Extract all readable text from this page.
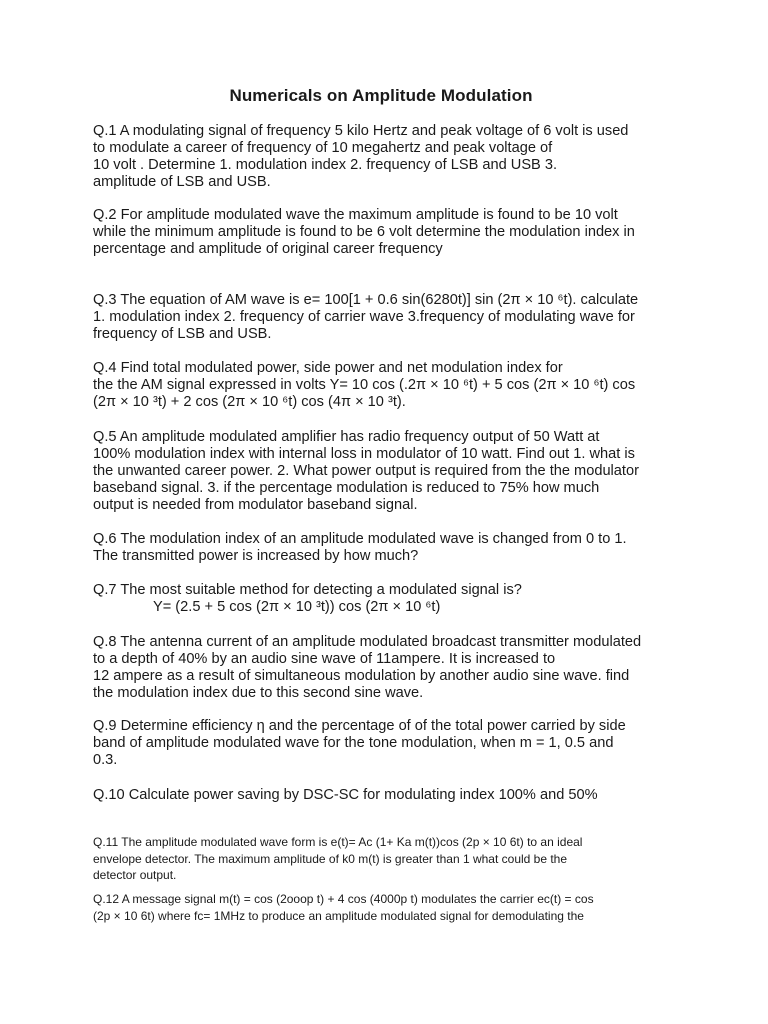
Numericals on Amplitude Modulation
Q.1 A modulating signal of frequency 5 kilo Hertz and peak voltage of 6 volt is used
to modulate a career of frequency of 10 megahertz and peak voltage of
10 volt . Determine 1. modulation index 2. frequency of LSB and USB 3.
amplitude of LSB and USB.
Q.2 For amplitude modulated wave the maximum amplitude is found to be 10 volt
while the minimum amplitude is found to be 6 volt determine the modulation index in
percentage and amplitude of original career frequency
Q.3 The equation of AM wave is e= 100[1 + 0.6 sin(6280t)] sin (2π × 10 ⁶t). calculate
1. modulation index 2. frequency of carrier wave 3.frequency of modulating wave for
frequency of LSB and USB.
Q.4 Find total modulated power, side power and net modulation index for
the the AM signal expressed in volts Y= 10 cos (.2π × 10 ⁶t) + 5 cos (2π × 10 ⁶t) cos
(2π × 10 ³t) + 2 cos (2π × 10 ⁶t) cos (4π × 10 ³t).
Q.5 An amplitude modulated amplifier has radio frequency output of 50 Watt at
100% modulation index with internal loss in modulator of 10 watt. Find out 1. what is
the unwanted career power. 2. What power output is required from the the modulator
baseband signal. 3. if the percentage modulation is reduced to 75% how much
output is needed from modulator baseband signal.
Q.6 The modulation index of an amplitude modulated wave is changed from 0 to 1.
The transmitted power is increased by how much?
Q.7 The most suitable method for detecting a modulated signal is?
Y= (2.5 + 5 cos (2π × 10 ³t)) cos (2π × 10 ⁶t)
Q.8 The antenna current of an amplitude modulated broadcast transmitter modulated
to a depth of 40% by an audio sine wave of 11ampere. It is increased to
12 ampere as a result of simultaneous modulation by another audio sine wave. find
the modulation index due to this second sine wave.
Q.9 Determine efficiency η and the percentage of of the total power carried by side
band of amplitude modulated wave for the tone modulation, when m = 1, 0.5 and
0.3.
Q.10 Calculate power saving by DSC-SC for modulating index 100% and 50%
Q.11 The amplitude modulated wave form is e(t)= Ac (1+ Ka m(t))cos (2p × 10 6t) to an ideal
envelope detector. The maximum amplitude of k0 m(t) is greater than 1 what could be the
detector output.
Q.12 A message signal m(t) = cos (2ooop t) + 4 cos (4000p t) modulates the carrier ec(t) = cos
(2p × 10 6t) where fc= 1MHz to produce an amplitude modulated signal for demodulating the
